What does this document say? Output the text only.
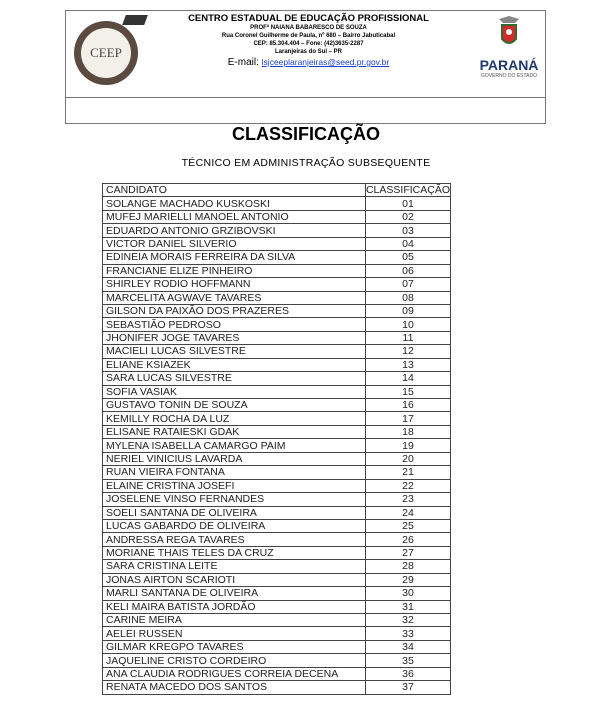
CEEP
CENTRO ESTADUAL DE EDUCAÇÃO PROFISSIONAL
PROFª NAIANA BABARESCO DE SOUZA
Rua Coronel Guilherme de Paula, nº 680 – Bairro Jabuticabal
CEP: 85.304.404 – Fone: (42)3635-2287
Laranjeiras do Sul – PR
E-mail: lsjceeplaranjeiras@seed.pr.gov.br	PARANÁ
GOVERNO DO ESTADO
CLASSIFICAÇÃO
TÉCNICO EM ADMINISTRAÇÃO SUBSEQUENTE
CANDIDATO	CLASSIFICAÇÃO
SOLANGE MACHADO KUSKOSKI	01
MUFEJ MARIELLI MANOEL ANTONIO	02
EDUARDO ANTONIO GRZIBOVSKI	03
VICTOR DANIEL SILVERIO	04
EDINEIA MORAIS FERREIRA DA SILVA	05
FRANCIANE ELIZE PINHEIRO	06
SHIRLEY RODIO HOFFMANN	07
MARCELITA AGWAVE TAVARES	08
GILSON DA PAIXÃO DOS PRAZERES	09
SEBASTIÃO PEDROSO	10
JHONIFER JOGE TAVARES	11
MACIELI LUCAS SILVESTRE	12
ELIANE KSIAZEK	13
SARA LUCAS SILVESTRE	14
SOFIA VASIAK	15
GUSTAVO TONIN DE SOUZA	16
KEMILLY ROCHA DA LUZ	17
ELISANE RATAIESKI GDAK	18
MYLENA ISABELLA CAMARGO PAIM	19
NERIEL VINICIUS LAVARDA	20
RUAN VIEIRA FONTANA	21
ELAINE CRISTINA JOSEFI	22
JOSELENE VINSO FERNANDES	23
SOELI SANTANA DE OLIVEIRA	24
LUCAS GABARDO DE OLIVEIRA	25
ANDRESSA REGA TAVARES	26
MORIANE THAIS TELES DA CRUZ	27
SARA CRISTINA LEITE	28
JONAS AIRTON SCARIOTI	29
MARLI SANTANA DE OLIVEIRA	30
KELI MAIRA BATISTA JORDÃO	31
CARINE MEIRA	32
AELEI RUSSEN	33
GILMAR KREGPO TAVARES	34
JAQUELINE CRISTO CORDEIRO	35
ANA CLAUDIA RODRIGUES CORREIA DECENA	36
RENATA MACEDO DOS SANTOS	37
